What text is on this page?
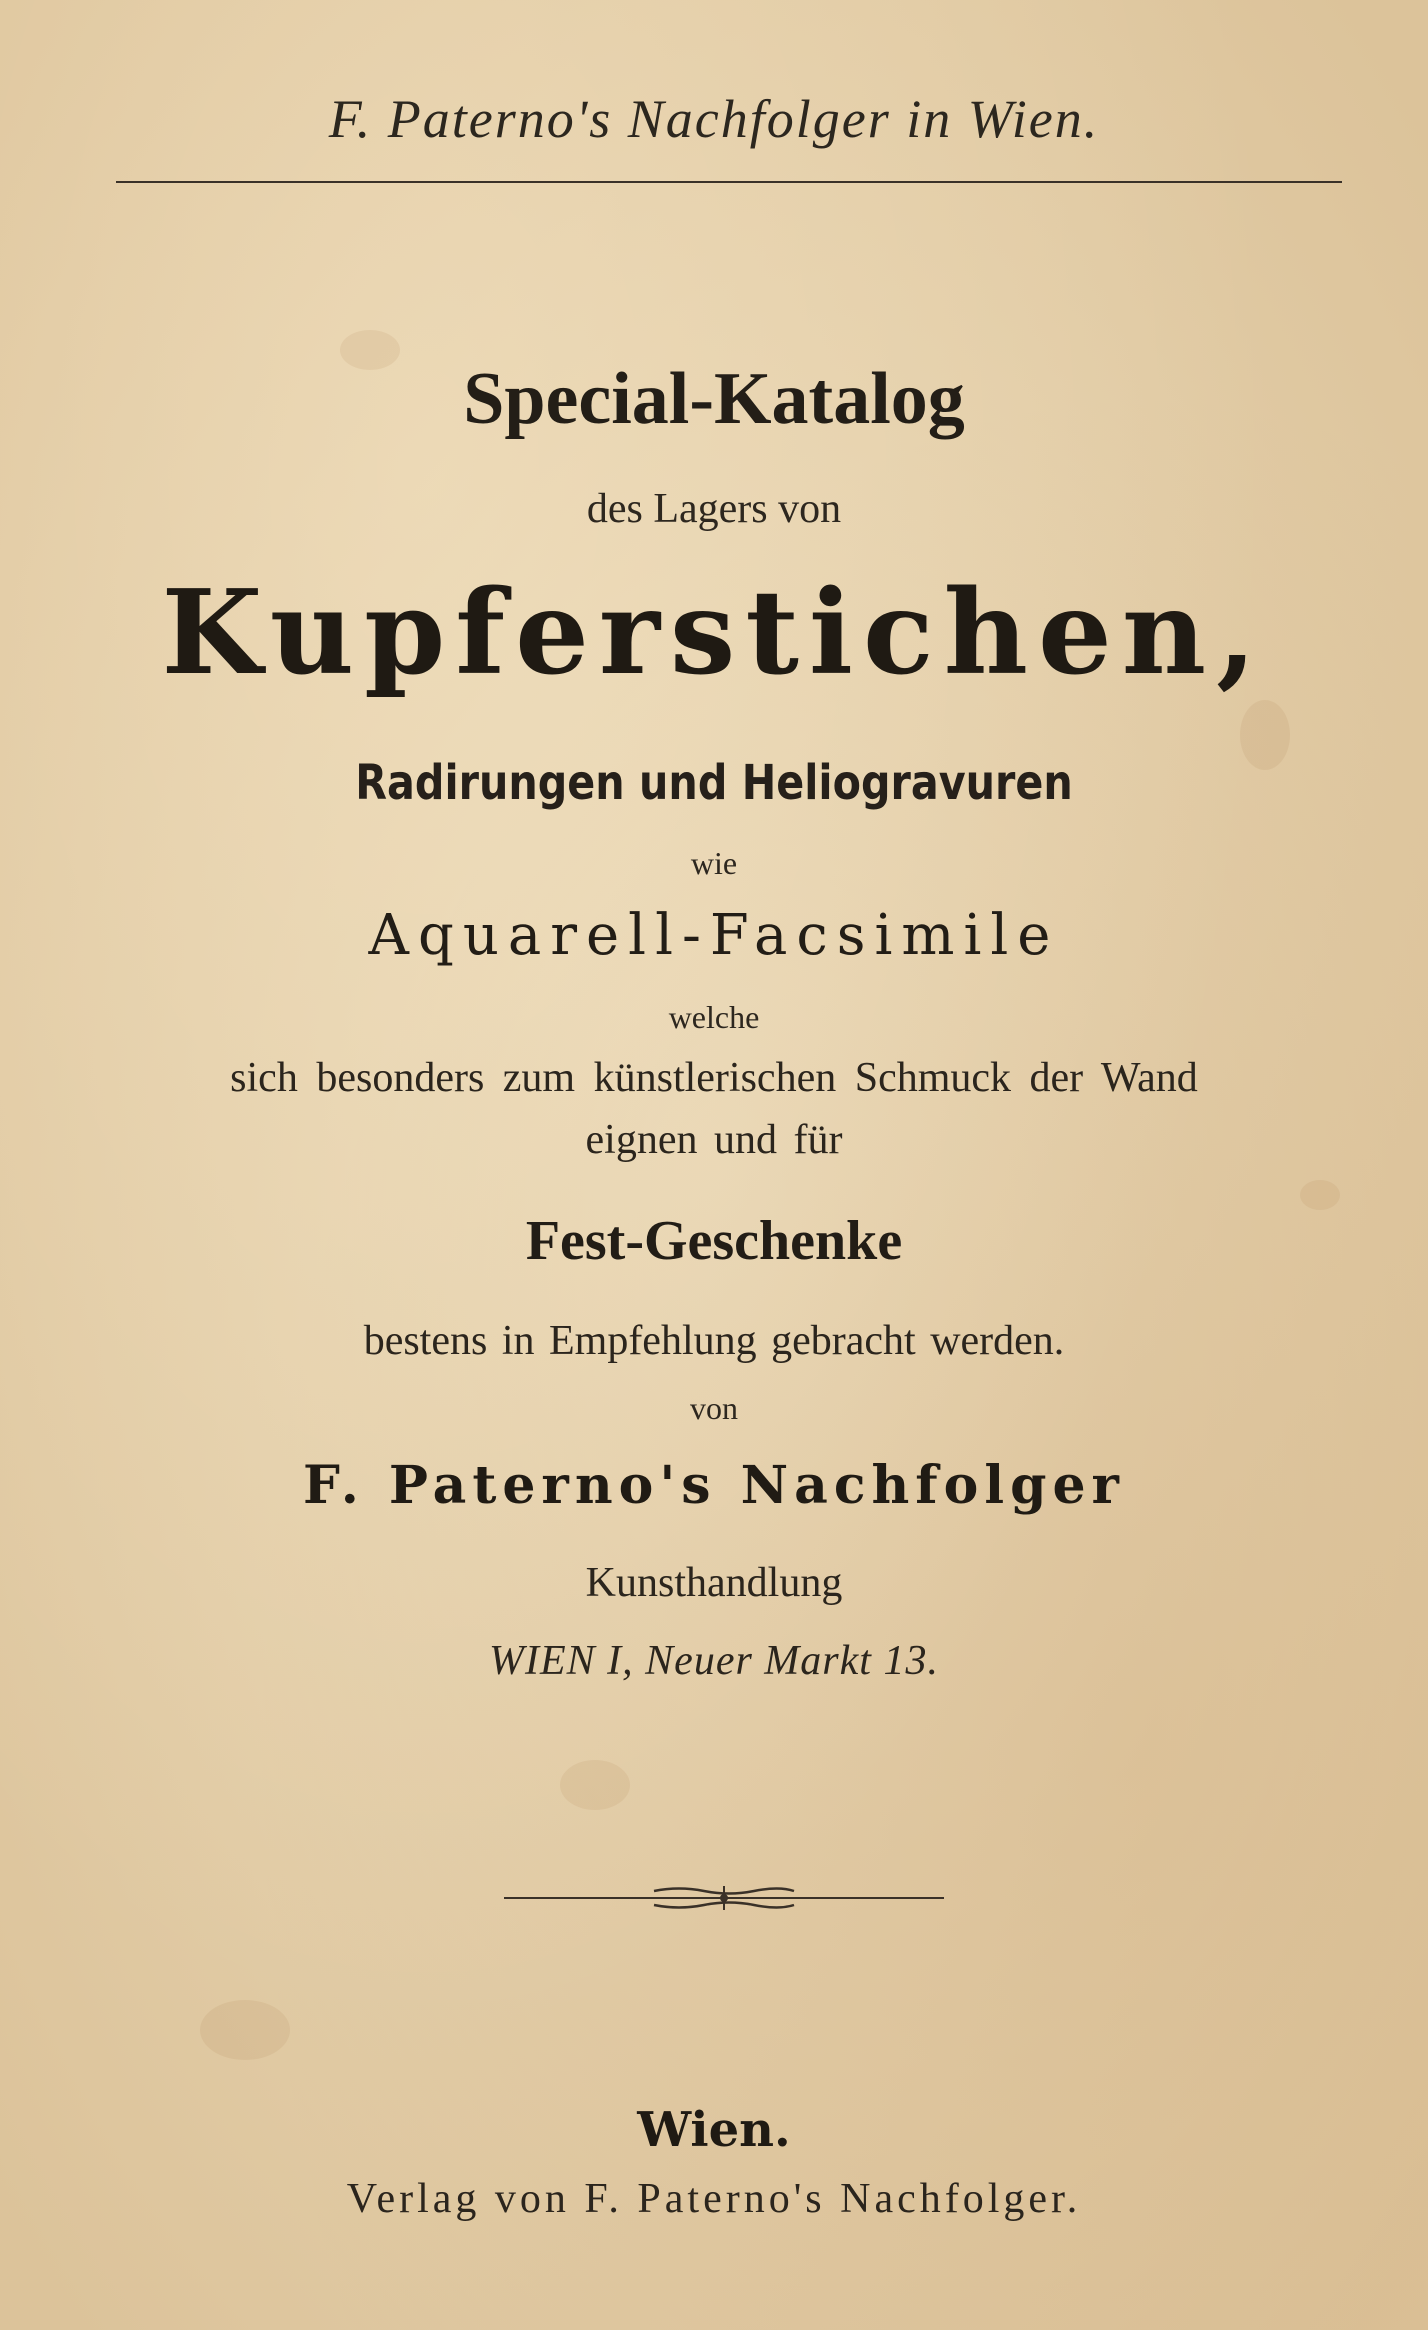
F. Paterno's Nachfolger in Wien.
Special-Katalog
des Lagers von
Kupferstichen,
Radirungen und Heliogravuren
wie
Aquarell-Facsimile
welche
sich besonders zum künstlerischen Schmuck der Wand
eignen und für
Fest-Geschenke
bestens in Empfehlung gebracht werden.
von
F. Paterno's Nachfolger
Kunsthandlung
WIEN I, Neuer Markt 13.
Wien.
Verlag von F. Paterno's Nachfolger.
